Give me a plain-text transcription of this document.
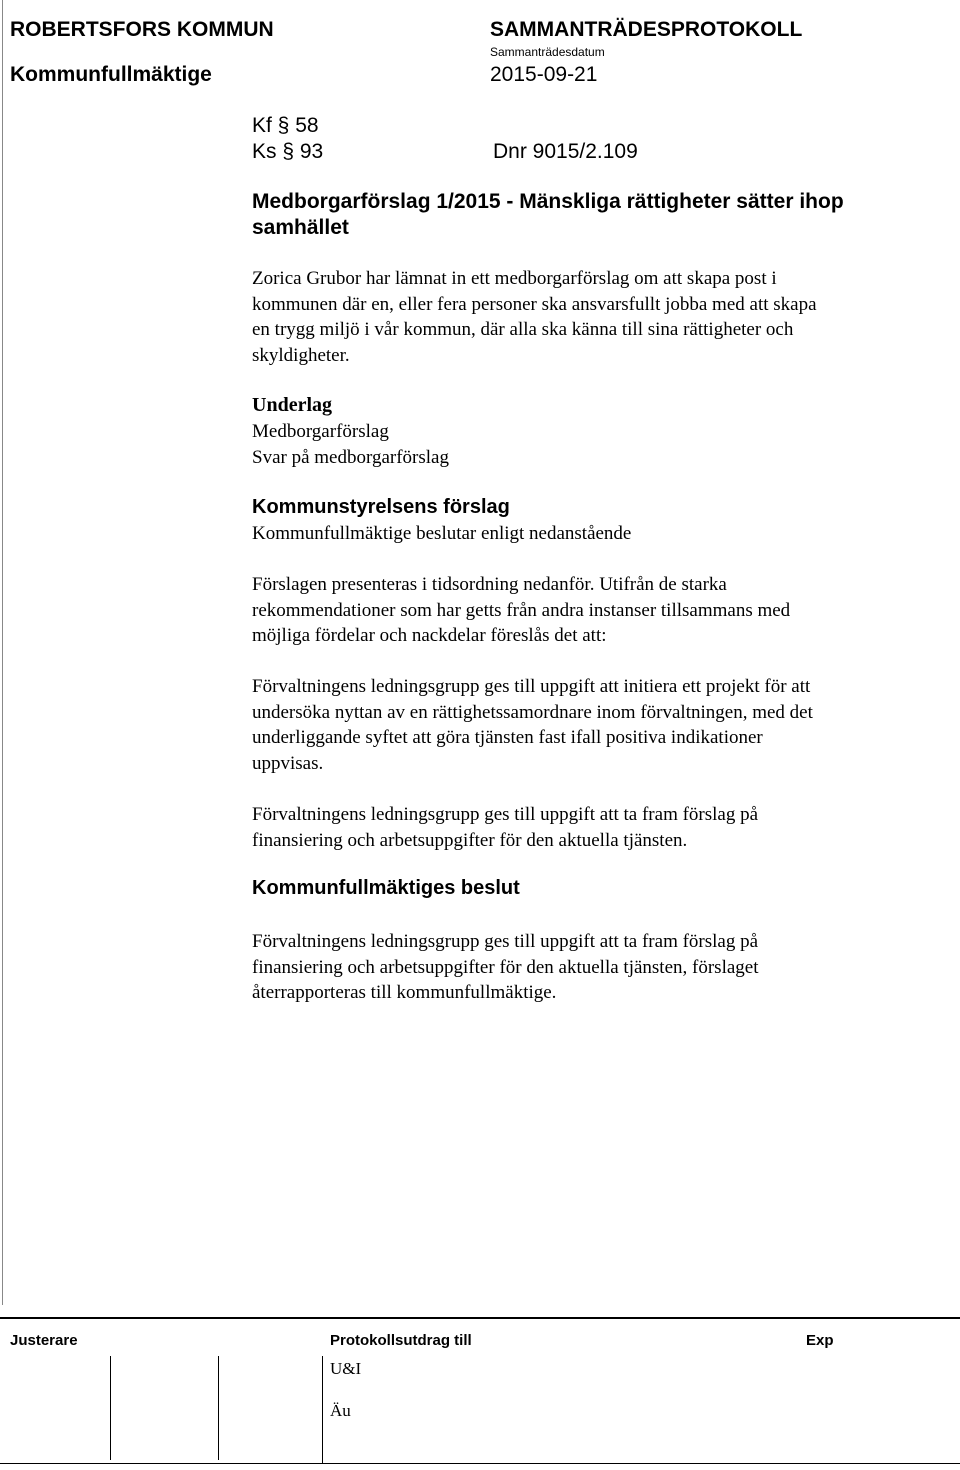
ROBERTSFORS KOMMUN	SAMMANTRÄDESPROTOKOLL
Sammanträdesdatum
Kommunfullmäktige	2015-09-21
Kf § 58
Ks § 93	Dnr 9015/2.109
Medborgarförslag 1/2015 - Mänskliga rättigheter sätter ihop
samhället
Zorica Grubor har lämnat in ett medborgarförslag om att skapa post i
kommunen där en, eller fera personer ska ansvarsfullt jobba med att skapa
en trygg miljö i vår kommun, där alla ska känna till sina rättigheter och
skyldigheter.
Underlag
Medborgarförslag
Svar på medborgarförslag
Kommunstyrelsens förslag
Kommunfullmäktige beslutar enligt nedanstående
Förslagen presenteras i tidsordning nedanför. Utifrån de starka
rekommendationer som har getts från andra instanser tillsammans med
möjliga fördelar och nackdelar föreslås det att:
Förvaltningens ledningsgrupp ges till uppgift att initiera ett projekt för att
undersöka nyttan av en rättighetssamordnare inom förvaltningen, med det
underliggande syftet att göra tjänsten fast ifall positiva indikationer
uppvisas.
Förvaltningens ledningsgrupp ges till uppgift att ta fram förslag på
finansiering och arbetsuppgifter för den aktuella tjänsten.
Kommunfullmäktiges beslut
Förvaltningens ledningsgrupp ges till uppgift att ta fram förslag på
finansiering och arbetsuppgifter för den aktuella tjänsten, förslaget
återrapporteras till kommunfullmäktige.
Justerare	Protokollsutdrag till	Exp
U&I
Äu
